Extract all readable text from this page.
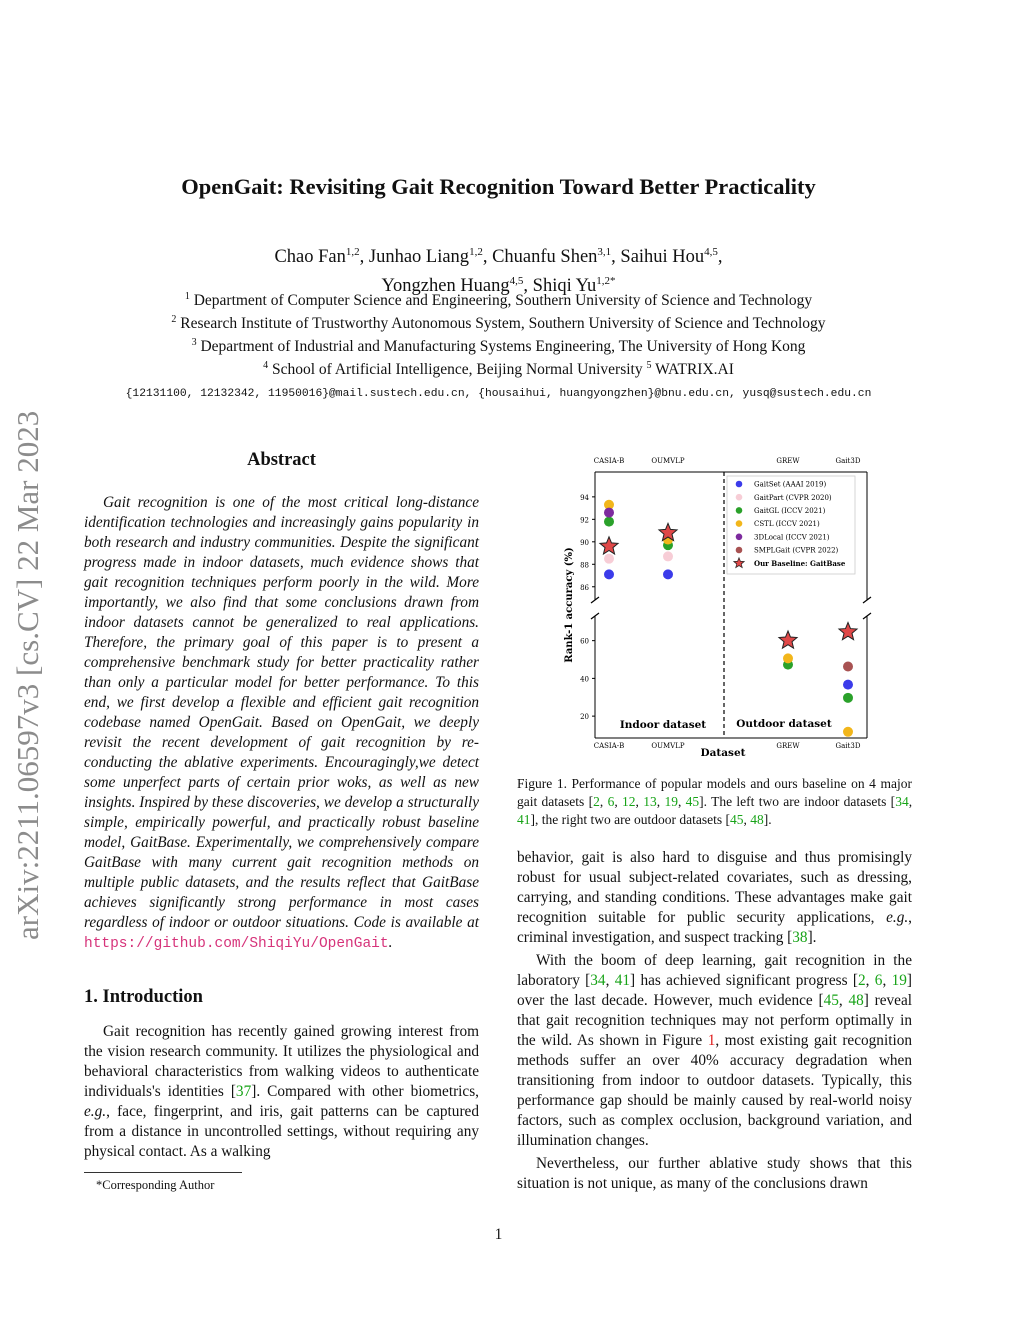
arXiv:2211.06597v3 [cs.CV] 22 Mar 2023
OpenGait: Revisiting Gait Recognition Toward Better Practicality
Chao Fan$^{1,2}$, Junhao Liang$^{1,2}$, Chuanfu Shen$^{3,1}$, Saihui Hou$^{4,5}$,
Yongzhen Huang$^{4,5}$, Shiqi $Yu^{1,2*}$
$^1$ Department of Computer Science and Engineering, Southern University of Science and Technology
$^2$ Research Institute of Trustworthy Autonomous System, Southern University of Science and Technology
$^3$ Department of Industrial and Manufacturing Systems Engineering, The University of Hong Kong
$^4$ School of Artificial Intelligence, Beijing Normal University $^5$ WATRIX.AI
{12131100, 12132342, 11950016}@mail.sustech.edu.cn, {housaihui, huangyongzhen}@bnu.edu.cn, yusq@sustech.edu.cn
Abstract

Gait recognition is one of the most critical long-distance identification technologies and increasingly gains popularity in both research and industry communities. Despite the significant progress made in indoor datasets, much evidence shows that gait recognition techniques perform poorly in the wild. More importantly, we also find that some conclusions drawn from indoor datasets cannot be generalized to real applications. Therefore, the primary goal of this paper is to present a comprehensive benchmark study for better practicality rather than only a particular model for better performance. To this end, we first develop a flexible and efficient gait recognition codebase named OpenGait. Based on OpenGait, we deeply revisit the recent development of gait recognition by re-conducting the ablative experiments. Encouragingly,we detect some unperfect parts of certain prior woks, as well as new insights. Inspired by these discoveries, we develop a structurally simple, empirically powerful, and practically robust baseline model, GaitBase. Experimentally, we comprehensively compare GaitBase with many current gait recognition methods on multiple public datasets, and the results reflect that GaitBase achieves significantly strong performance in most cases regardless of indoor or outdoor situations. Code is available at https://github.com/ShiqiYu/OpenGait.

1. Introduction

Gait recognition has recently gained growing interest from the vision research community. It utilizes the physiological and behavioral characteristics from walking videos to authenticate individuals's identities [37]. Compared with other biometrics, e.g., face, fingerprint, and iris, gait patterns can be captured from a distance in uncontrolled settings, without requiring any physical contact. As a walking

*Corresponding Author
86
88
90
92
94
20
40
60
CASIA-B
CASIA-B
OUMVLP
OUMVLP
GREW
GREW
Gait3D
Gait3D
Dataset
Rank-1 accuracy (%)
Indoor dataset	Outdoor dataset
GaitSet (AAAI 2019)
GaitPart (CVPR 2020)
GaitGL (ICCV 2021)
CSTL (ICCV 2021)
3DLocal (ICCV 2021)
SMPLGait (CVPR 2022)
Our Baseline: GaitBase

Figure 1. Performance of popular models and ours baseline on 4 major gait datasets [2, 6, 12, 13, 19, 45]. The left two are indoor datasets [34, 41], the right two are outdoor datasets [45, 48].

behavior, gait is also hard to disguise and thus promisingly robust for usual subject-related covariates, such as dressing, carrying, and standing conditions. These advantages make gait recognition suitable for public security applications, e.g., criminal investigation, and suspect tracking [38].

With the boom of deep learning, gait recognition in the laboratory [34, 41] has achieved significant progress [2, 6, 19] over the last decade. However, much evidence [45, 48] reveal that gait recognition techniques may not perform optimally in the wild. As shown in Figure 1, most existing gait recognition methods suffer an over 40% accuracy degradation when transitioning from indoor to outdoor datasets. Typically, this performance gap should be mainly caused by real-world noisy factors, such as complex occlusion, background variation, and illumination changes.

Nevertheless, our further ablative study shows that this situation is not unique, as many of the conclusions drawn

1
